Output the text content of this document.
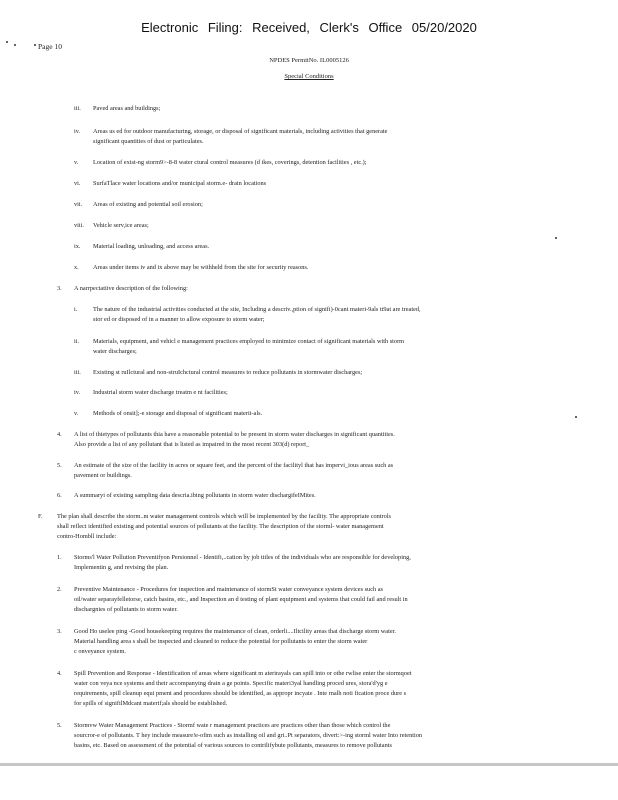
Electronic Filing: Received, Clerk's Office 05/20/2020
Page 10
NPDES PermitNo. IL0005126
Special Conditions
iii.	Paved areas and buildings;
iv.	Areas us ed for outdoor manufacturing, storage, or disposal of significant materials, including activities that generate
significant quantities of dust or particulates.
v.	Location of exist-ng storm9>-8-8 water ctural control measures (d ikes, coverings, detention facilities , etc.);
vi.	SurfaTlace water locations and/or municipal storm.e- drain locations
vii.	Areas of existing and potential soil erosion;
viii.	Vehicle serv,ice areas;
ix.	Material loading, unloading, and access areas.
x.	Areas under items iv and ix above may be withheld from the site for security reasons.
3.	A narrpectatiive description of the following:
i.	The nature of the industrial activities conducted at the site, Including a descriv.,ption of signifi)-0cant materi-9als tt9at are treated,
stor ed or disposed of in a manner to allow exposure to storm water;
ii.	Materials, equipment, and vehicl e management practices employed to minimize contact of significant materials with storm
water discharges;
iii.	Existing st ruIlctural and non-struIchctural control measures to reduce pollutants in stormwater discharges;
iv.	Industrial storm water discharge treatm e nt facilities;
v.	Methods of onsit];-e storage and disposal of significant materii-als.
4.	A list of thietypes of pollutants thia have a reasonable potential to be present in storm water discharges in significant quantities.
Also provide a list of any pollutant that is listed as impaired in the most recent 303(d) report_
5.	An estimate of the size of the facility in acres or square feet, and the percent of the facilityl that has impervi_ious areas such as
pavement or buildings.
6.	A summaryi of existing sampling data descria.ibing pollutants in storm water dischargifeIMites.
F.	The plan shall describe the storm..m water management controls which will be implemented by the facility. The appropriate controls
shall reflect identified existing and potential sources of pollutants at the facility. The description of the storml- water management
contro-Hombll include:
1.	Storms'l Water Pollution Preventifyon Persionnel - Identifi,..cation by job titles of the individuals who are responsible for developing,
Implementin g, and revising the plan.
2.	Preventive Maintenance - Procedures for inspection and maintenance of stormSt water conveyance system devices such as
oil/water separayfelletorse, catch basins, etc., and Inspection an d testing of plant equipment and systems that could fail and result in
dischargnies of pollutants to storm water.
3.	Good Ho uselee ping -Good housekeeping requires the maintenance of clean, orderli....Iltcility areas that discharge storm water.
Material handling area s shall be inspected and cleaned to reduce the potential for pollutants to enter the storm water
c onveyance system.
4.	Spill Prevention and Response - Identification of areas where significant m aterirayals can spill into or othe rwlise enter the stormqoet
water con veya nce systems and their accompanying drain a ge points. Specific materi3yal handling proced ures, stora'd'yg e
requirements, spill cleanup equi pment and procedures should be identified, as appropr incyate . Inte rnalh noti fication proce dure s
for spills of signifilMdcant materif;als should be established.
5.	Stormvw Water Management Practices - Stormf wate r management practices are practices other than those which control the
sourcror-e of pollutants. T hey include measure!e-ofim such as installing oil and gri..Pt separators, divert:>-ing storml water Into retention
basins, etc. Based on assessment of the potential of various sources to contrilifybute pollutants, measures to remove pollutants
